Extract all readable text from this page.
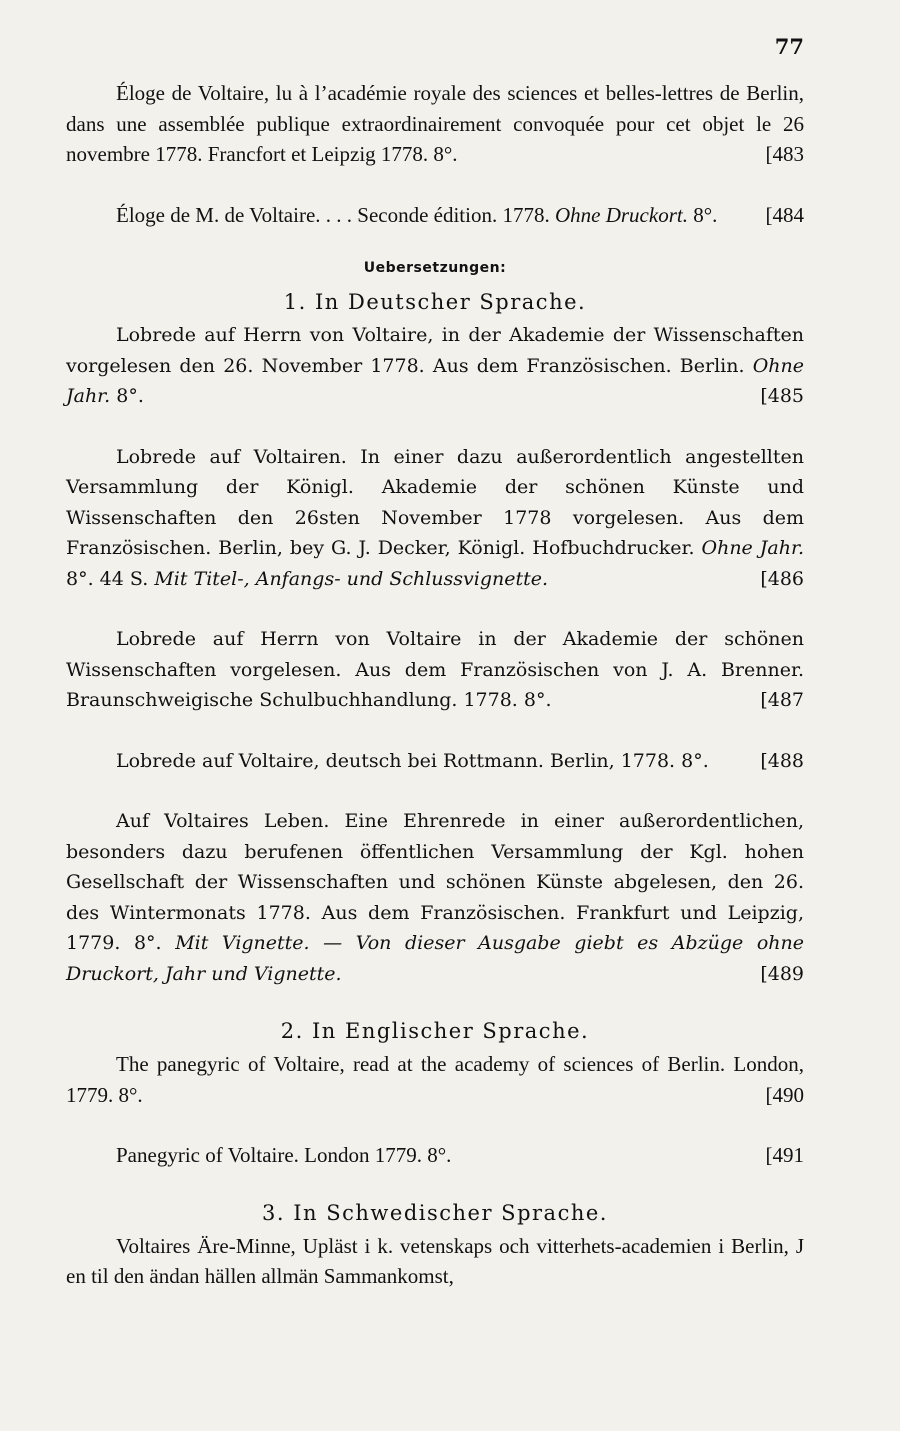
77
Éloge de Voltaire, lu à l’académie royale des sciences et belles-lettres de Berlin, dans une assemblée publique extraordinairement convoquée pour cet objet le 26 novembre 1778. Francfort et Leipzig 1778. 8°.	[483
Éloge de M. de Voltaire. . . . Seconde édition. 1778. Ohne Druckort. 8°. [484
Uebersetzungen:
1. In Deutscher Sprache.
Lobrede auf Herrn von Voltaire, in der Akademie der Wissenschaften vorgelesen den 26. November 1778. Aus dem Französischen. Berlin. Ohne Jahr. 8°.	[485
Lobrede auf Voltairen. In einer dazu außerordentlich angestellten Versammlung der Königl. Akademie der schönen Künste und Wissenschaften den 26sten November 1778 vorgelesen. Aus dem Französischen. Berlin, bey G. J. Decker, Königl. Hofbuchdrucker. Ohne Jahr. 8°. 44 S. Mit Titel-, Anfangs- und Schlussvignette.	[486
Lobrede auf Herrn von Voltaire in der Akademie der schönen Wissenschaften vorgelesen. Aus dem Französischen von J. A. Brenner. Braunschweigische Schulbuchhandlung. 1778. 8°.	[487
Lobrede auf Voltaire, deutsch bei Rottmann. Berlin, 1778. 8°.	[488
Auf Voltaires Leben. Eine Ehrenrede in einer außerordentlichen, besonders dazu berufenen öffentlichen Versammlung der Kgl. hohen Gesellschaft der Wissenschaften und schönen Künste abgelesen, den 26. des Wintermonats 1778. Aus dem Französischen. Frankfurt und Leipzig, 1779. 8°. Mit Vignette. — Von dieser Ausgabe giebt es Abzüge ohne Druckort, Jahr und Vignette.	[489
2. In Englischer Sprache.
The panegyric of Voltaire, read at the academy of sciences of Berlin. London, 1779. 8°.	[490
Panegyric of Voltaire. London 1779. 8°.	[491
3. In Schwedischer Sprache.
Voltaires Äre-Minne, Upläst i k. vetenskaps och vitterhets-academien i Berlin, J en til den ändan hällen allmän Sammankomst,
